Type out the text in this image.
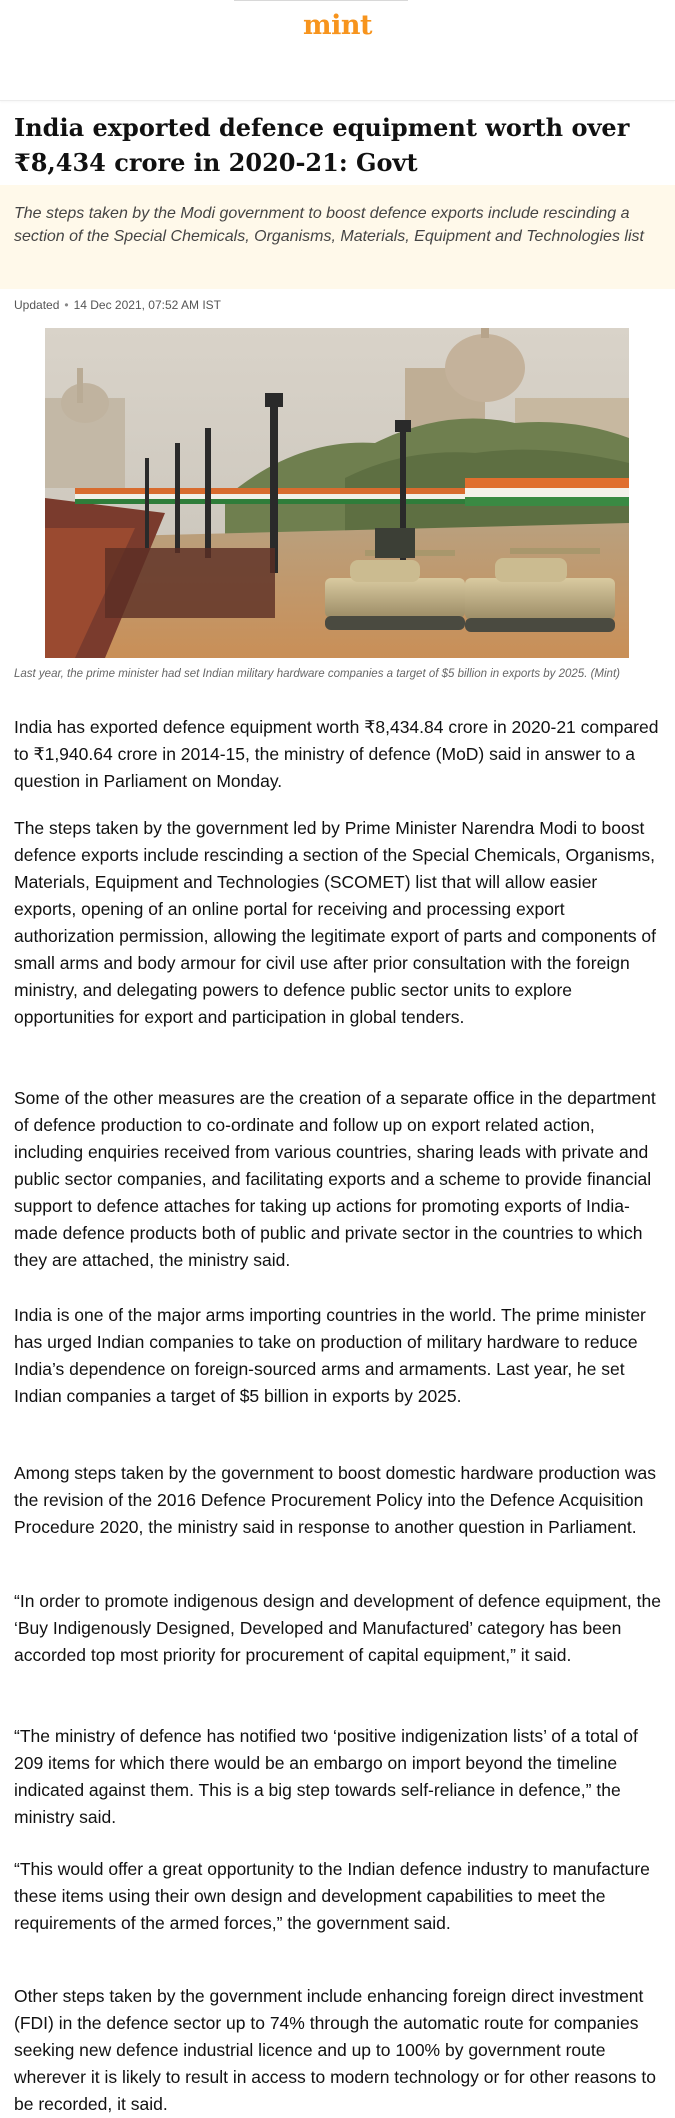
mint
India exported defence equipment worth over ₹8,434 crore in 2020-21: Govt

The steps taken by the Modi government to boost defence exports include rescinding a section of the Special Chemicals, Organisms, Materials, Equipment and Technologies list

Updated • 14 Dec 2021, 07:52 AM IST

Last year, the prime minister had set Indian military hardware companies a target of $5 billion in exports by 2025. (Mint)

India has exported defence equipment worth ₹8,434.84 crore in 2020-21 compared to ₹1,940.64 crore in 2014-15, the ministry of defence (MoD) said in answer to a question in Parliament on Monday.

The steps taken by the government led by Prime Minister Narendra Modi to boost defence exports include rescinding a section of the Special Chemicals, Organisms, Materials, Equipment and Technologies (SCOMET) list that will allow easier exports, opening of an online portal for receiving and processing export authorization permission, allowing the legitimate export of parts and components of small arms and body armour for civil use after prior consultation with the foreign ministry, and delegating powers to defence public sector units to explore opportunities for export and participation in global tenders.

Some of the other measures are the creation of a separate office in the department of defence production to co-ordinate and follow up on export related action, including enquiries received from various countries, sharing leads with private and public sector companies, and facilitating exports and a scheme to provide financial support to defence attaches for taking up actions for promoting exports of India-made defence products both of public and private sector in the countries to which they are attached, the ministry said.

India is one of the major arms importing countries in the world. The prime minister has urged Indian companies to take on production of military hardware to reduce India’s dependence on foreign-sourced arms and armaments. Last year, he set Indian companies a target of $5 billion in exports by 2025.

Among steps taken by the government to boost domestic hardware production was the revision of the 2016 Defence Procurement Policy into the Defence Acquisition Procedure 2020, the ministry said in response to another question in Parliament.

“In order to promote indigenous design and development of defence equipment, the ‘Buy Indigenously Designed, Developed and Manufactured’ category has been accorded top most priority for procurement of capital equipment,” it said.

“The ministry of defence has notified two ‘positive indigenization lists’ of a total of 209 items for which there would be an embargo on import beyond the timeline indicated against them. This is a big step towards self-reliance in defence,” the ministry said.

“This would offer a great opportunity to the Indian defence industry to manufacture these items using their own design and development capabilities to meet the requirements of the armed forces,” the government said.

Other steps taken by the government include enhancing foreign direct investment (FDI) in the defence sector up to 74% through the automatic route for companies seeking new defence industrial licence and up to 100% by government route wherever it is likely to result in access to modern technology or for other reasons to be recorded, it said.
